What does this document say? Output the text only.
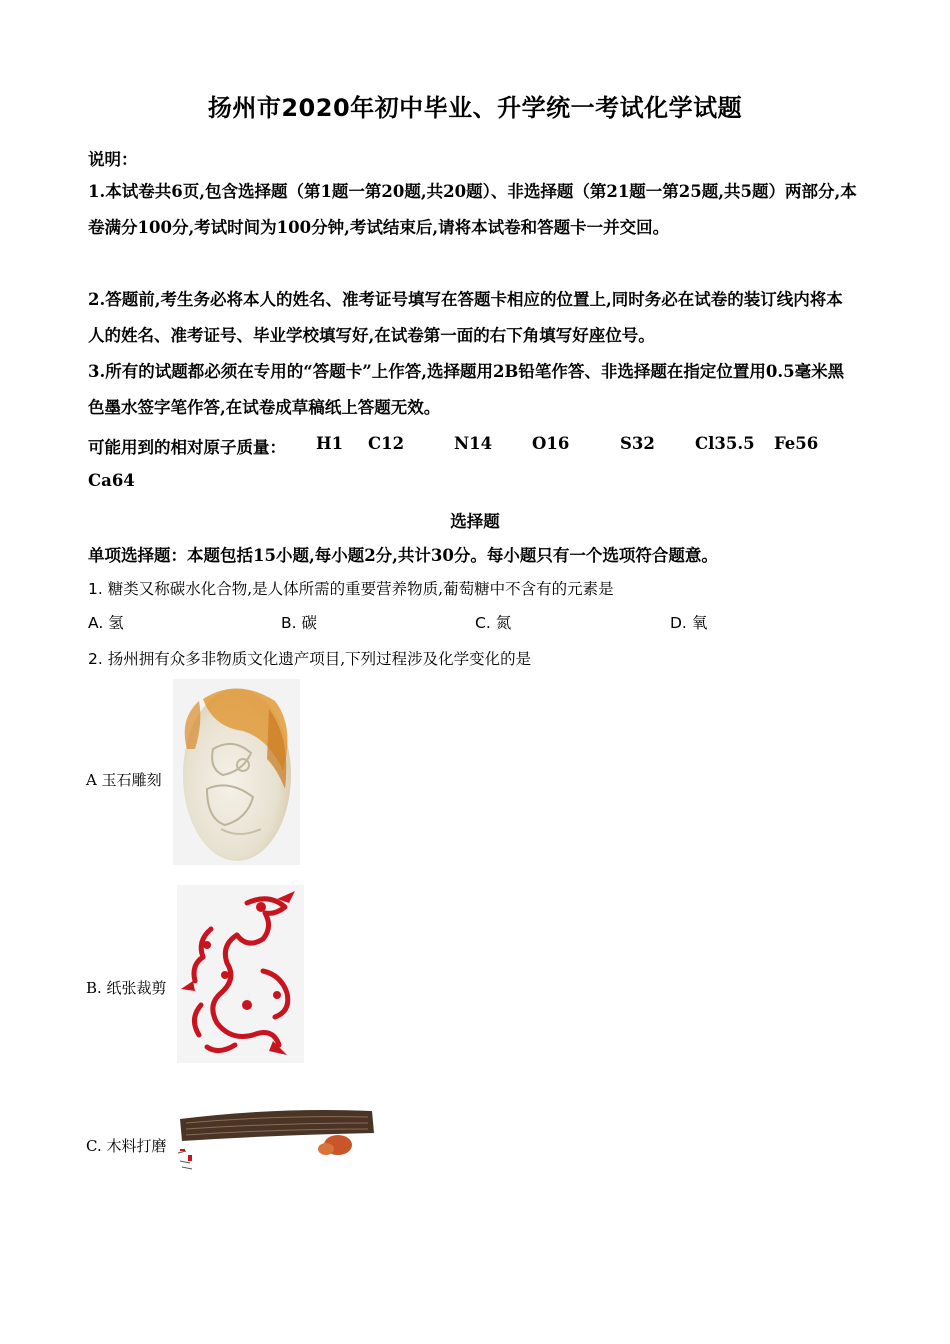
扬州市2020年初中毕业、升学统一考试化学试题
说明：
1.本试卷共6页,包含选择题（第1题一第20题,共20题）、非选择题（第21题一第25题,共5题）两部分,本卷满分100分,考试时间为100分钟,考试结束后,请将本试卷和答题卡一并交回。
2.答题前,考生务必将本人的姓名、准考证号填写在答题卡相应的位置上,同时务必在试卷的装订线内将本人的姓名、准考证号、毕业学校填写好,在试卷第一面的右下角填写好座位号。
3.所有的试题都必须在专用的“答题卡”上作答,选择题用2B铅笔作答、非选择题在指定位置用0.5毫米黑色墨水签字笔作答,在试卷成草稿纸上答题无效。
可能用到的相对原子质量： H1 C12	N14 O16	S32 Cl35.5 Fe56
Ca64
选择题
单项选择题：本题包括15小题,每小题2分,共计30分。每小题只有一个选项符合题意。
1. 糖类又称碳水化合物,是人体所需的重要营养物质,葡萄糖中不含有的元素是
A. 氢	B. 碳	C. 氮	D. 氧
2. 扬州拥有众多非物质文化遗产项目,下列过程涉及化学变化的是
A 玉石雕刻
B. 纸张裁剪
C. 木料打磨
